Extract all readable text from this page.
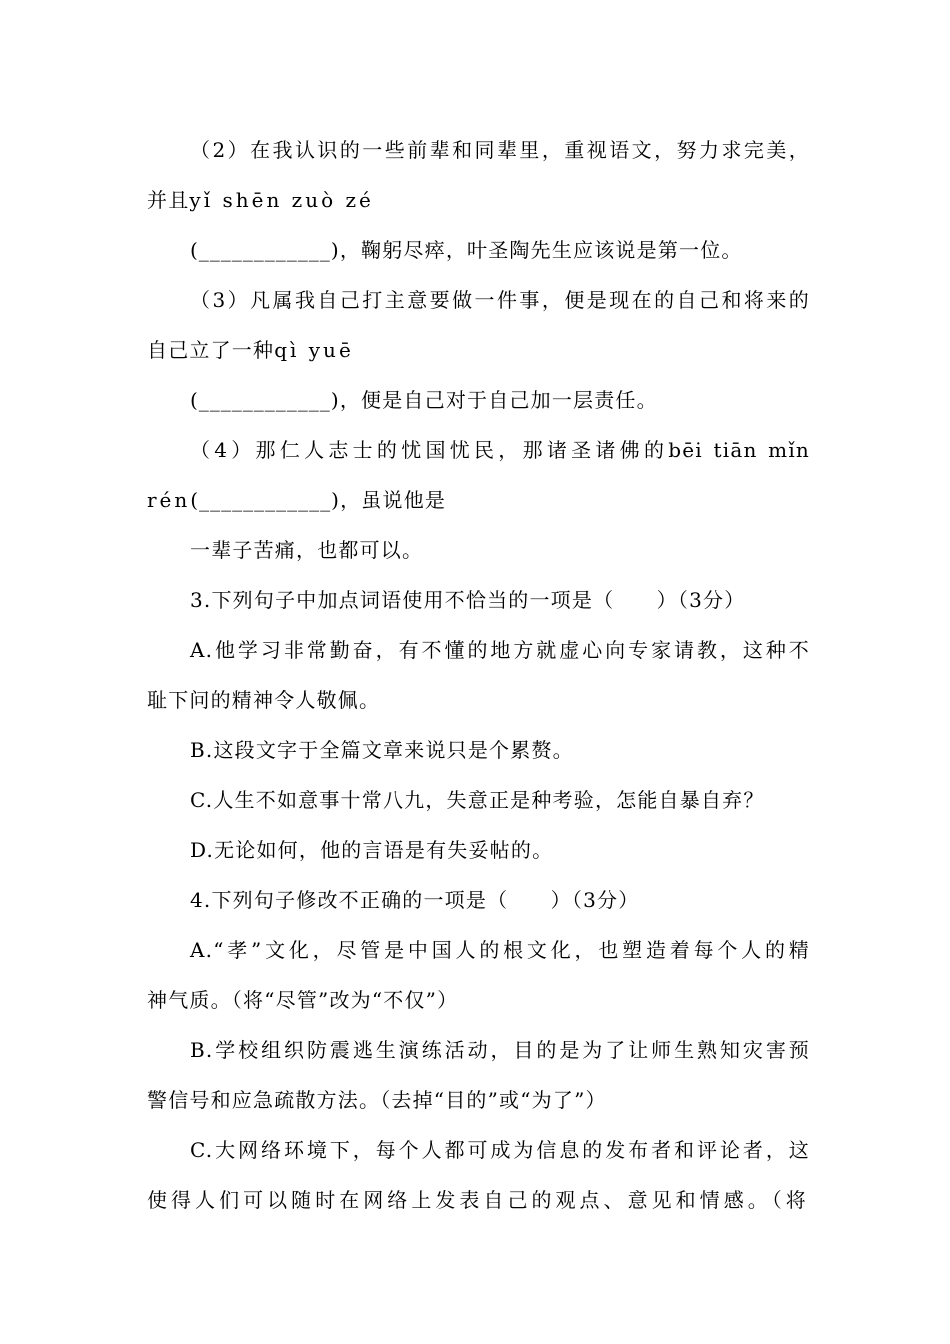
（2）在我认识的一些前辈和同辈里，重视语文，努力求完美，
并且yǐ shēn zuò zé
(____________)，鞠躬尽瘁，叶圣陶先生应该说是第一位。
（3）凡属我自己打主意要做一件事，便是现在的自己和将来的
自己立了一种qì yuē
(____________)，便是自己对于自己加一层责任。
（4）那仁人志士的忧国忧民，那诸圣诸佛的bēi tiān mǐn
rén(____________)，虽说他是
一辈子苦痛，也都可以。
3.下列句子中加点词语使用不恰当的一项是（　　）（3分）
A.他学习非常勤奋，有不懂的地方就虚心向专家请教，这种不
耻下问的精神令人敬佩。
B.这段文字于全篇文章来说只是个累赘。
C.人生不如意事十常八九，失意正是种考验，怎能自暴自弃？
D.无论如何，他的言语是有失妥帖的。
4.下列句子修改不正确的一项是（　　）（3分）
A.“孝”文化，尽管是中国人的根文化，也塑造着每个人的精
神气质。（将“尽管”改为“不仅”）
B.学校组织防震逃生演练活动，目的是为了让师生熟知灾害预
警信号和应急疏散方法。（去掉“目的”或“为了”）
C.大网络环境下，每个人都可成为信息的发布者和评论者，这
使得人们可以随时在网络上发表自己的观点、意见和情感。（将
